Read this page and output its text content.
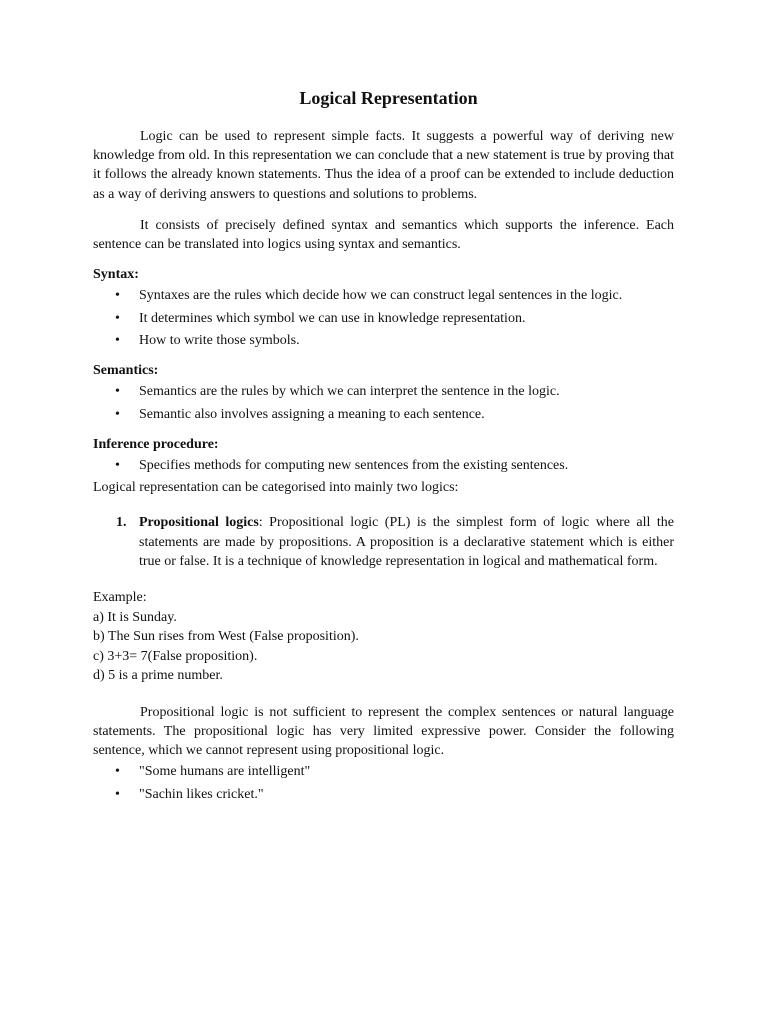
Logical Representation

Logic can be used to represent simple facts. It suggests a powerful way of deriving new knowledge from old. In this representation we can conclude that a new statement is true by proving that it follows the already known statements. Thus the idea of a proof can be extended to include deduction as a way of deriving answers to questions and solutions to problems.

It consists of precisely defined syntax and semantics which supports the inference. Each sentence can be translated into logics using syntax and semantics.

Syntax:
• Syntaxes are the rules which decide how we can construct legal sentences in the logic.
• It determines which symbol we can use in knowledge representation.
• How to write those symbols.
Semantics:
• Semantics are the rules by which we can interpret the sentence in the logic.
• Semantic also involves assigning a meaning to each sentence.
Inference procedure:
• Specifies methods for computing new sentences from the existing sentences.

Logical representation can be categorised into mainly two logics:

1. Propositional logics: Propositional logic (PL) is the simplest form of logic where all the statements are made by propositions. A proposition is a declarative statement which is either true or false. It is a technique of knowledge representation in logical and mathematical form.
Example:
a) It is Sunday.
b) The Sun rises from West (False proposition).
c) 3+3= 7(False proposition).
d) 5 is a prime number.

Propositional logic is not sufficient to represent the complex sentences or natural language statements. The propositional logic has very limited expressive power. Consider the following sentence, which we cannot represent using propositional logic.

• "Some humans are intelligent"
• "Sachin likes cricket."
